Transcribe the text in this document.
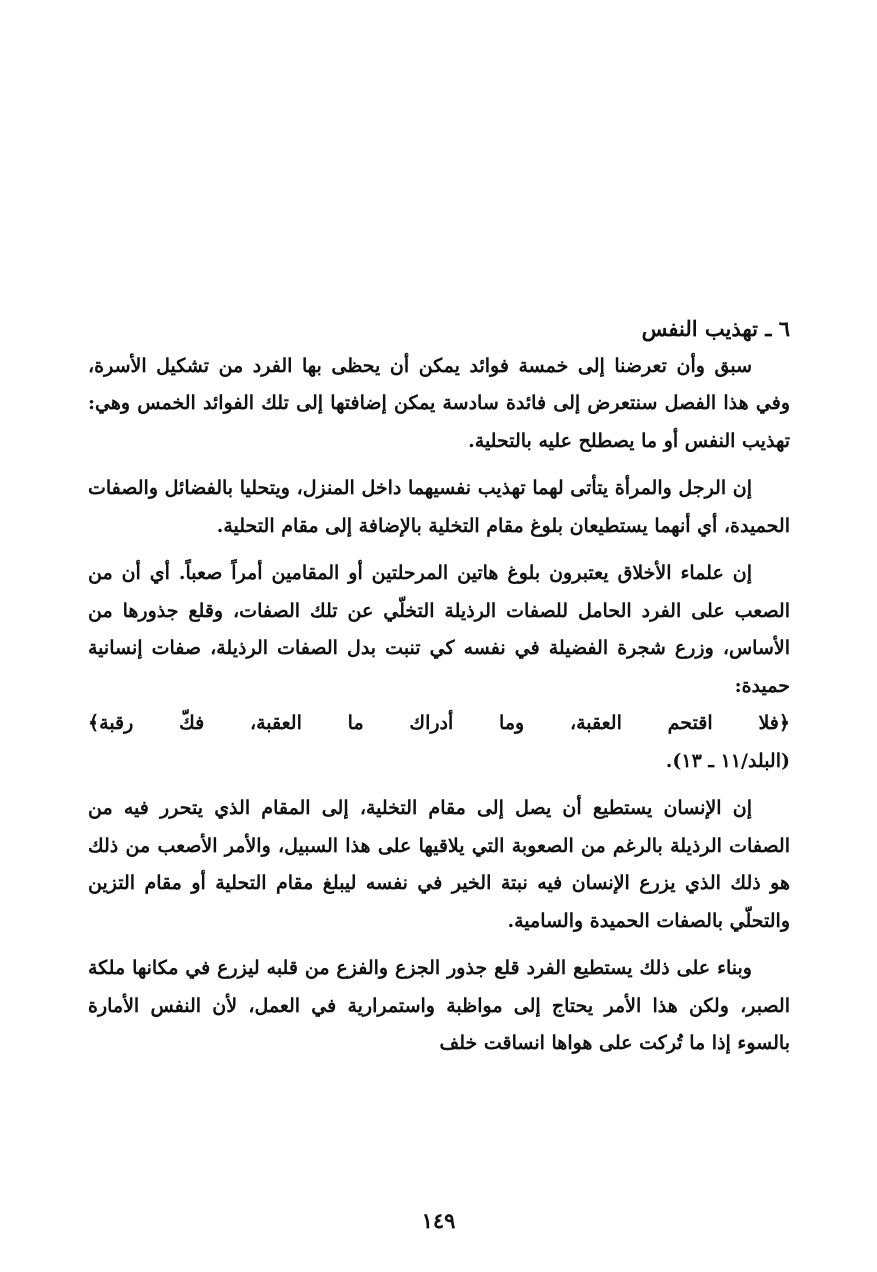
٦ ـ تهذيب النفس

سبق وأن تعرضنا إلى خمسة فوائد يمكن أن يحظى بها الفرد من تشكيل الأسرة، وفي هذا الفصل سنتعرض إلى فائدة سادسة يمكن إضافتها إلى تلك الفوائد الخمس وهي: تهذيب النفس أو ما يصطلح عليه بالتحلية.

إن الرجل والمرأة يتأتى لهما تهذيب نفسيهما داخل المنزل، ويتحليا بالفضائل والصفات الحميدة، أي أنهما يستطيعان بلوغ مقام التخلية بالإضافة إلى مقام التحلية.

إن علماء الأخلاق يعتبرون بلوغ هاتين المرحلتين أو المقامين أمراً صعباً. أي أن من الصعب على الفرد الحامل للصفات الرذيلة التخلّي عن تلك الصفات، وقلع جذورها من الأساس، وزرع شجرة الفضيلة في نفسه كي تنبت بدل الصفات الرذيلة، صفات إنسانية حميدة:

﴿فلا اقتحم العقبة، وما أدراك ما العقبة، فكّ رقبة﴾

(البلد/١١ ـ ١٣).

إن الإنسان يستطيع أن يصل إلى مقام التخلية، إلى المقام الذي يتحرر فيه من الصفات الرذيلة بالرغم من الصعوبة التي يلاقيها على هذا السبيل، والأمر الأصعب من ذلك هو ذلك الذي يزرع الإنسان فيه نبتة الخير في نفسه ليبلغ مقام التحلية أو مقام التزين والتحلّي بالصفات الحميدة والسامية.

وبناء على ذلك يستطيع الفرد قلع جذور الجزع والفزع من قلبه ليزرع في مكانها ملكة الصبر، ولكن هذا الأمر يحتاج إلى مواظبة واستمرارية في العمل، لأن النفس الأمارة بالسوء إذا ما تُركت على هواها انساقت خلف

١٤٩
